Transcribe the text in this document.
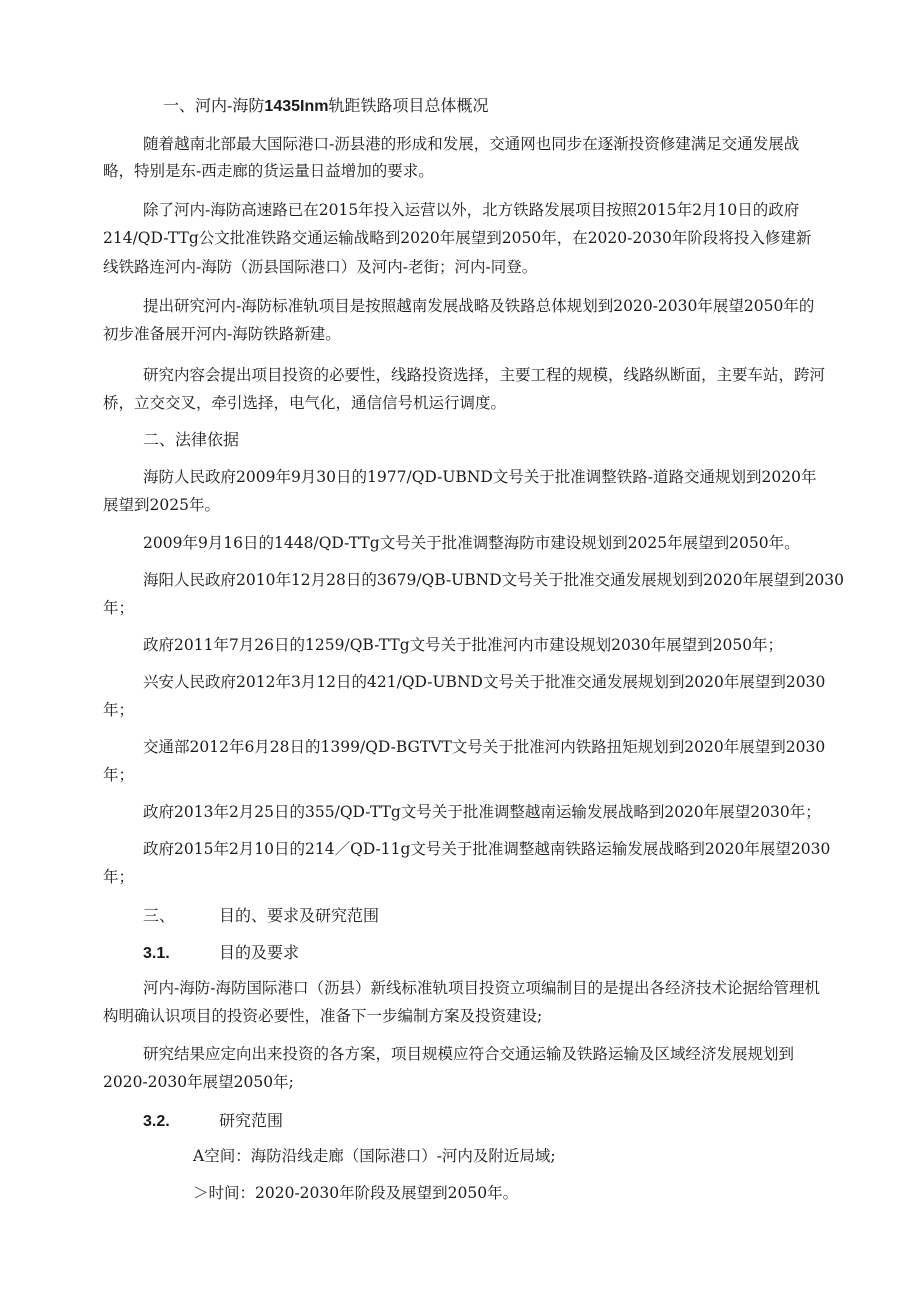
一、河内-海防1435Inm轨距铁路项目总体概况
随着越南北部最大国际港口-沥县港的形成和发展，交通网也同步在逐渐投资修建满足交通发展战
略，特别是东-西走廊的货运量日益增加的要求。
除了河内-海防高速路已在2015年投入运营以外，北方铁路发展项目按照2015年2月10日的政府
214/QD-TTg公文批准铁路交通运输战略到2020年展望到2050年，在2020-2030年阶段将投入修建新
线铁路连河内-海防（沥县国际港口）及河内-老街；河内-同登。
提出研究河内-海防标准轨项目是按照越南发展战略及铁路总体规划到2020-2030年展望2050年的
初步准备展开河内-海防铁路新建。
研究内容会提出项目投资的必要性，线路投资选择，主要工程的规模，线路纵断面，主要车站，跨河
桥，立交交叉，牵引选择，电气化，通信信号机运行调度。
二、法律依据
海防人民政府2009年9月30日的1977/QD-UBND文号关于批准调整铁路-道路交通规划到2020年
展望到2025年。
2009年9月16日的1448/QD-TTg文号关于批准调整海防市建设规划到2025年展望到2050年。
海阳人民政府2010年12月28日的3679/QB-UBND文号关于批准交通发展规划到2020年展望到2030
年；
政府2011年7月26日的1259/QB-TTg文号关于批准河内市建设规划2030年展望到2050年；
兴安人民政府2012年3月12日的421/QD-UBND文号关于批准交通发展规划到2020年展望到2030
年；
交通部2012年6月28日的1399/QD-BGTVT文号关于批准河内铁路扭矩规划到2020年展望到2030
年；
政府2013年2月25日的355/QD-TTg文号关于批准调整越南运输发展战略到2020年展望2030年；
政府2015年2月10日的214／QD-11g文号关于批准调整越南铁路运输发展战略到2020年展望2030
年；
三、	目的、要求及研究范围
3.1.	目的及要求
河内-海防-海防国际港口（沥县）新线标准轨项目投资立项编制目的是提出各经济技术论据给管理机
构明确认识项目的投资必要性，准备下一步编制方案及投资建设;
研究结果应定向出来投资的各方案，项目规模应符合交通运输及铁路运输及区域经济发展规划到
2020-2030年展望2050年;
3.2.	研究范围
A空间：海防沿线走廊（国际港口）-河内及附近局域;
＞时间：2020-2030年阶段及展望到2050年。
